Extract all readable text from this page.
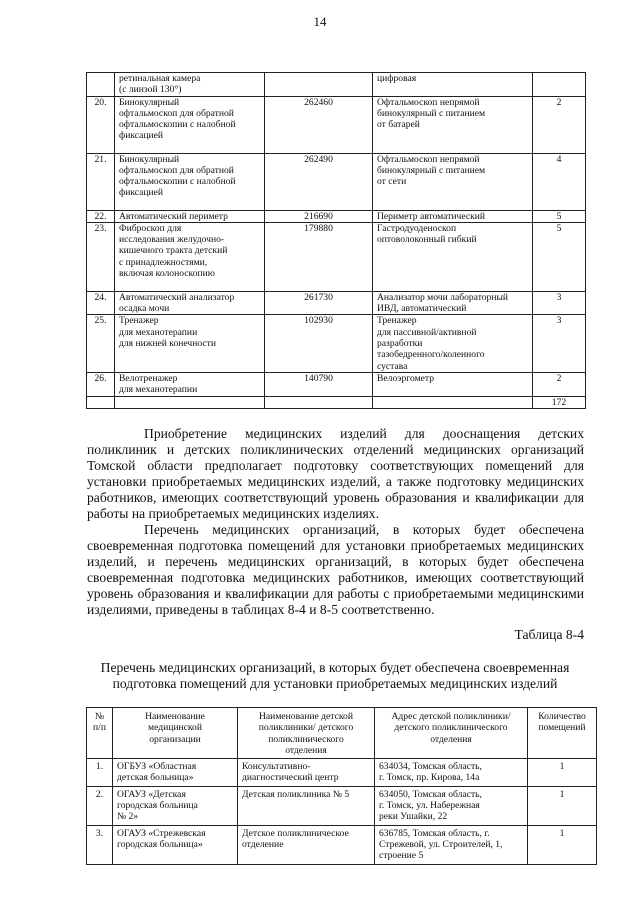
14
	ретинальная камера
(с линзой 130°)		цифровая	
20.	Бинокулярный
офтальмоскоп для обратной
офтальмоскопии с налобной
фиксацией	262460	Офтальмоскоп непрямой
бинокулярный с питанием
от батарей	2
21.	Бинокулярный
офтальмоскоп для обратной
офтальмоскопии с налобной
фиксацией	262490	Офтальмоскоп непрямой
бинокулярный с питанием
от сети	4
22.	Автоматический периметр	216690	Периметр автоматический	5
23.	Фиброскоп для
исследования желудочно-
кишечного тракта детский
с принадлежностями,
включая колоноскопию	179880	Гастродуоденоскоп
оптоволоконный гибкий	5
24.	Автоматический анализатор
осадка мочи	261730	Анализатор мочи лабораторный
ИВД, автоматический	3
25.	Тренажер
для механотерапии
для нижней конечности	102930	Тренажер
для пассивной/активной
разработки
тазобедренного/коленного
сустава	3
26.	Велотренажер
для механотерапии	140790	Велоэргометр	2
				172

Приобретение медицинских изделий для дооснащения детских поликлиник и детских поликлинических отделений медицинских организаций Томской области предполагает подготовку соответствующих помещений для установки приобретаемых медицинских изделий, а также подготовку медицинских работников, имеющих соответствующий уровень образования и квалификации для работы на приобретаемых медицинских изделиях.

Перечень медицинских организаций, в которых будет обеспечена своевременная подготовка помещений для установки приобретаемых медицинских изделий, и перечень медицинских организаций, в которых будет обеспечена своевременная подготовка медицинских работников, имеющих соответствующий уровень образования и квалификации для работы с приобретаемыми медицинскими изделиями, приведены в таблицах 8-4 и 8-5 соответственно.

Таблица 8-4
Перечень медицинских организаций, в которых будет обеспечена своевременная подготовка помещений для установки приобретаемых медицинских изделий
№
п/п	Наименование
медицинской
организации	Наименование детской
поликлиники/ детского
поликлинического
отделения	Адрес детской поликлиники/
детского поликлинического
отделения	Количество
помещений
1.	ОГБУЗ «Областная
детская больница»	Консультативно-
диагностический центр	634034, Томская область,
г. Томск, пр. Кирова, 14а	1
2.	ОГАУЗ «Детская
городская больница
№ 2»	Детская поликлиника № 5	634050, Томская область,
г. Томск, ул. Набережная
реки Ушайки, 22	1
3.	ОГАУЗ «Стрежевская
городская больница»	Детское поликлиническое
отделение	636785, Томская область, г.
Стрежевой, ул. Строителей, 1,
строение 5	1
